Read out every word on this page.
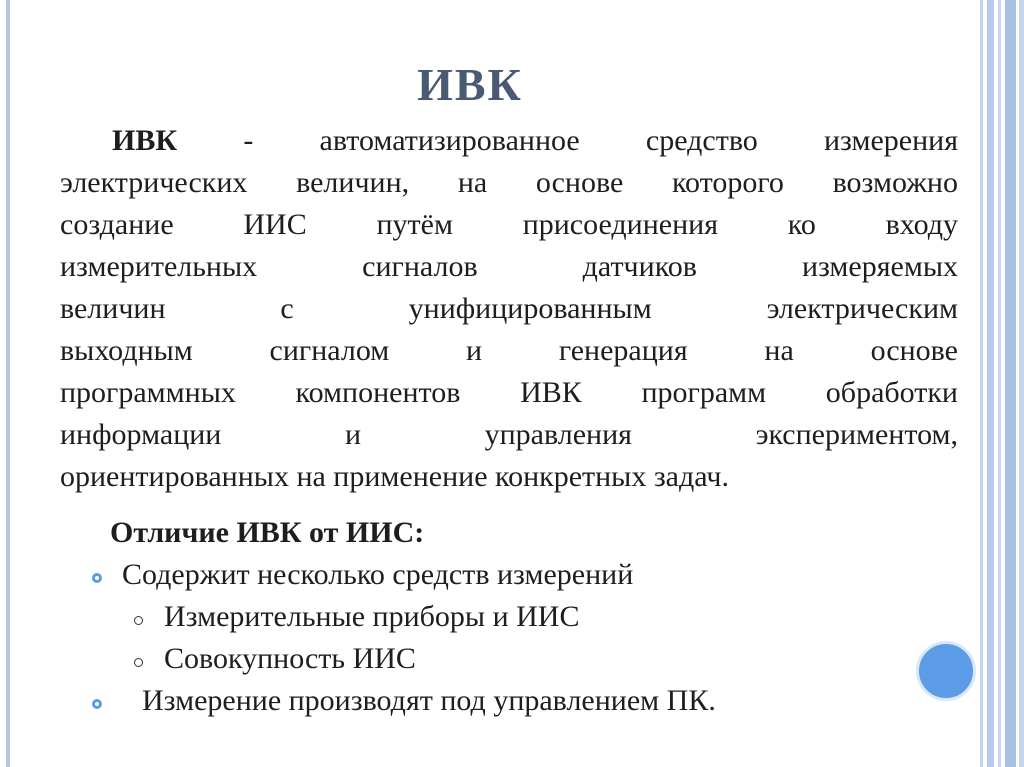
ИВК
ИВК - автоматизированное средство измерения
электрических величин, на основе которого возможно
создание ИИС путём присоединения ко входу
измерительных сигналов датчиков измеряемых
величин с унифицированным электрическим
выходным сигналом и генерация на основе
программных компонентов ИВК программ обработки
информации и управления экспериментом,
ориентированных на применение конкретных задач.
Отличие ИВК от ИИС:
Содержит несколько средств измерений
Измерительные приборы и ИИС
Совокупность ИИС
Измерение производят под управлением ПК.
